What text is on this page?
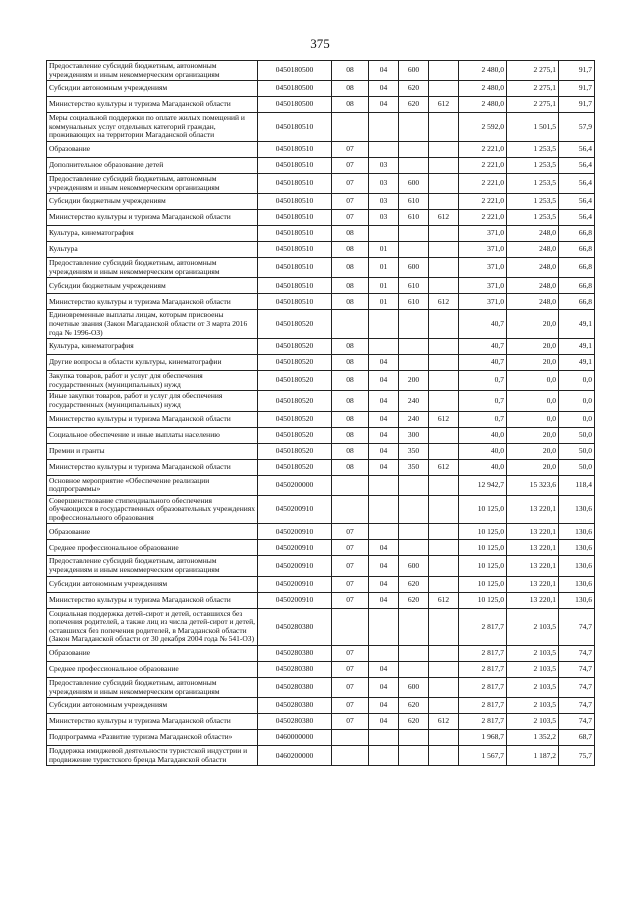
375
Предоставление субсидий бюджетным, автономным учреждениям и иным некоммерческим организациям	0450180500	08	04	600		2 480,0	2 275,1	91,7
Субсидии автономным учреждениям	0450180500	08	04	620		2 480,0	2 275,1	91,7
Министерство культуры и туризма Магаданской области	0450180500	08	04	620	612	2 480,0	2 275,1	91,7
Меры социальной поддержки по оплате жилых помещений и коммунальных услуг отдельных категорий граждан, проживающих на территории Магаданской области	0450180510					2 592,0	1 501,5	57,9
Образование	0450180510	07				2 221,0	1 253,5	56,4
Дополнительное образование детей	0450180510	07	03			2 221,0	1 253,5	56,4
Предоставление субсидий бюджетным, автономным учреждениям и иным некоммерческим организациям	0450180510	07	03	600		2 221,0	1 253,5	56,4
Субсидии бюджетным учреждениям	0450180510	07	03	610		2 221,0	1 253,5	56,4
Министерство культуры и туризма Магаданской области	0450180510	07	03	610	612	2 221,0	1 253,5	56,4
Культура, кинематография	0450180510	08				371,0	248,0	66,8
Культура	0450180510	08	01			371,0	248,0	66,8
Предоставление субсидий бюджетным, автономным учреждениям и иным некоммерческим организациям	0450180510	08	01	600		371,0	248,0	66,8
Субсидии бюджетным учреждениям	0450180510	08	01	610		371,0	248,0	66,8
Министерство культуры и туризма Магаданской области	0450180510	08	01	610	612	371,0	248,0	66,8
Единовременные выплаты лицам, которым присвоены почетные звания (Закон Магаданской области от 3 марта 2016 года № 1996-ОЗ)	0450180520					40,7	20,0	49,1
Культура, кинематография	0450180520	08				40,7	20,0	49,1
Другие вопросы в области культуры, кинематографии	0450180520	08	04			40,7	20,0	49,1
Закупка товаров, работ и услуг для обеспечения государственных (муниципальных) нужд	0450180520	08	04	200		0,7	0,0	0,0
Иные закупки товаров, работ и услуг для обеспечения государственных (муниципальных) нужд	0450180520	08	04	240		0,7	0,0	0,0
Министерство культуры и туризма Магаданской области	0450180520	08	04	240	612	0,7	0,0	0,0
Социальное обеспечение и иные выплаты населению	0450180520	08	04	300		40,0	20,0	50,0
Премии и гранты	0450180520	08	04	350		40,0	20,0	50,0
Министерство культуры и туризма Магаданской области	0450180520	08	04	350	612	40,0	20,0	50,0
Основное мероприятие «Обеспечение реализации подпрограммы»	0450200000					12 942,7	15 323,6	118,4
Совершенствование стипендиального обеспечения обучающихся в государственных образовательных учреждениях профессионального образования	0450200910					10 125,0	13 220,1	130,6
Образование	0450200910	07				10 125,0	13 220,1	130,6
Среднее профессиональное образование	0450200910	07	04			10 125,0	13 220,1	130,6
Предоставление субсидий бюджетным, автономным учреждениям и иным некоммерческим организациям	0450200910	07	04	600		10 125,0	13 220,1	130,6
Субсидии автономным учреждениям	0450200910	07	04	620		10 125,0	13 220,1	130,6
Министерство культуры и туризма Магаданской области	0450200910	07	04	620	612	10 125,0	13 220,1	130,6
Социальная поддержка детей-сирот и детей, оставшихся без попечения родителей, а также лиц из числа детей-сирот и детей, оставшихся без попечения родителей, в Магаданской области (Закон Магаданской области от 30 декабря 2004 года № 541-ОЗ)	0450280380					2 817,7	2 103,5	74,7
Образование	0450280380	07				2 817,7	2 103,5	74,7
Среднее профессиональное образование	0450280380	07	04			2 817,7	2 103,5	74,7
Предоставление субсидий бюджетным, автономным учреждениям и иным некоммерческим организациям	0450280380	07	04	600		2 817,7	2 103,5	74,7
Субсидии автономным учреждениям	0450280380	07	04	620		2 817,7	2 103,5	74,7
Министерство культуры и туризма Магаданской области	0450280380	07	04	620	612	2 817,7	2 103,5	74,7
Подпрограмма «Развитие туризма Магаданской области»	0460000000					1 968,7	1 352,2	68,7
Поддержка имиджевой деятельности туристской индустрии и продвижение туристского бренда Магаданской области	0460200000					1 567,7	1 187,2	75,7
